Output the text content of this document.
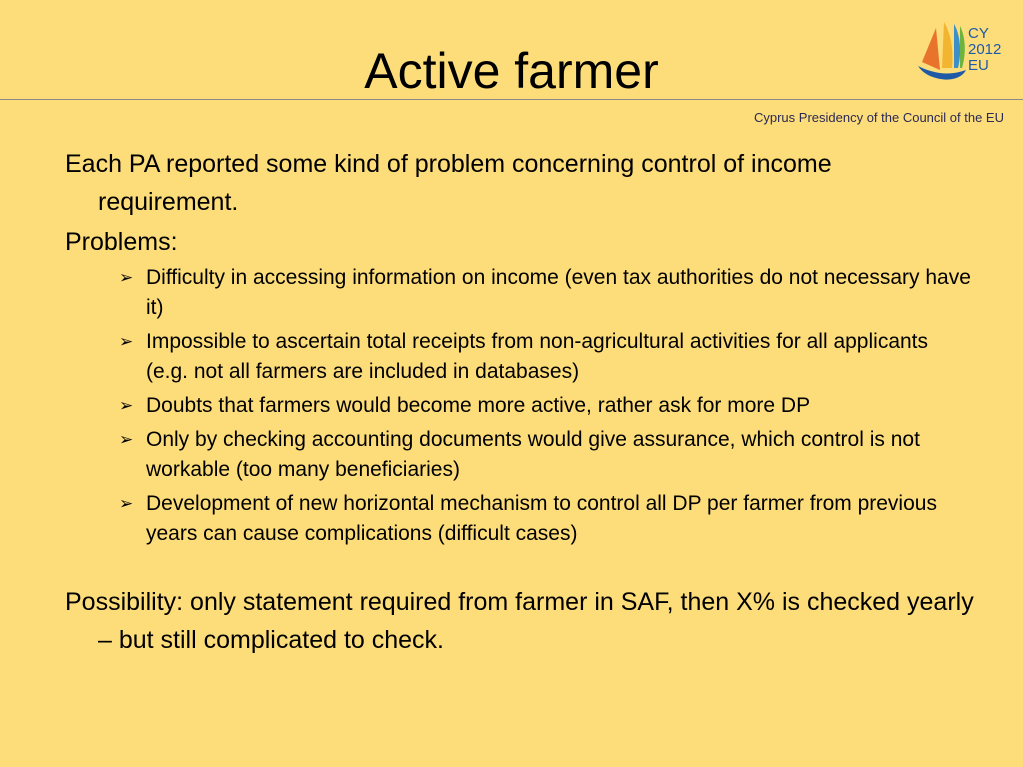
Active farmer
CY
2012
EU
Cyprus Presidency of the Council of the EU

Each PA reported some kind of problem concerning control of income requirement.

Problems:

➢ Difficulty in accessing information on income (even tax authorities do not necessary have it)
➢ Impossible to ascertain total receipts from non-agricultural activities for all applicants (e.g. not all farmers are included in databases)
➢ Doubts that farmers would become more active, rather ask for more DP
➢ Only by checking accounting documents would give assurance, which control is not workable (too many beneficiaries)
➢ Development of new horizontal mechanism to control all DP per farmer from previous years can cause complications (difficult cases)

Possibility: only statement required from farmer in SAF, then X% is checked yearly – but still complicated to check.
